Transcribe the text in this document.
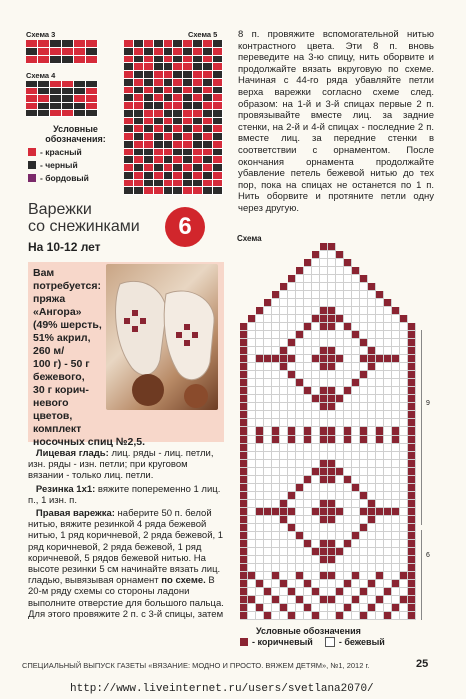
Схема 3
Схема 4
Схема 5
Условные
обозначения:
- красный
- черный
- бордовый
Варежки
со снежинками
На 10-12 лет
6
Вам
потребуется:
пряжа
«Ангора»
(49% шерсть,
51% акрил,
260 м/
100 г) - 50 г
бежевого,
30 г корич-
невого
цветов,
комплект
носочных спиц №2,5.
Лицевая гладь: лиц. ряды - лиц. петли, изн. ряды - изн. петли; при круговом вязании - только лиц. петли.
Резинка 1х1: вяжите попеременно 1 лиц. п., 1 изн. п.
Правая варежка: наберите 50 п. белой нитью, вяжите резинкой 4 ряда бежевой нитью, 1 ряд коричневой, 2 ряда бежевой, 1 ряд коричневой, 2 ряда бежевой, 1 ряд коричневой, 5 рядов бежевой нитью. На высоте резинки 5 см начинайте вязать лиц. гладью, вывязывая орнамент по схеме. В 20-м ряду схемы со стороны ладони выполните отверстие для большого пальца. Для этого провяжите 2 п. с 3-й спицы, затем
8 п. провяжите вспомогательной нитью контрастного цвета. Эти 8 п. вновь переведите на 3-ю спицу, нить оборвите и продолжайте вязать вкруговую по схеме. Начиная с 44-го ряда убавляйте петли верха варежки согласно схеме след. образом: на 1-й и 3-й спицах первые 2 п. провязывайте вместе лиц. за задние стенки, на 2-й и 4-й спицах - последние 2 п. вместе лиц. за передние стенки в соответствии с орнаментом. После окончания орнамента продолжайте убавление петель бежевой нитью до тех пор, пока на спицах не останется по 1 п. Нить оборвите и протяните петли одну через другую.
Схема
9
6
Условные обозначения
- коричневый	- бежевый
СПЕЦИАЛЬНЫЙ ВЫПУСК ГАЗЕТЫ «ВЯЗАНИЕ: МОДНО И ПРОСТО. ВЯЖЕМ ДЕТЯМ», №1, 2012 г.	25
http://www.liveinternet.ru/users/svetlana2070/
